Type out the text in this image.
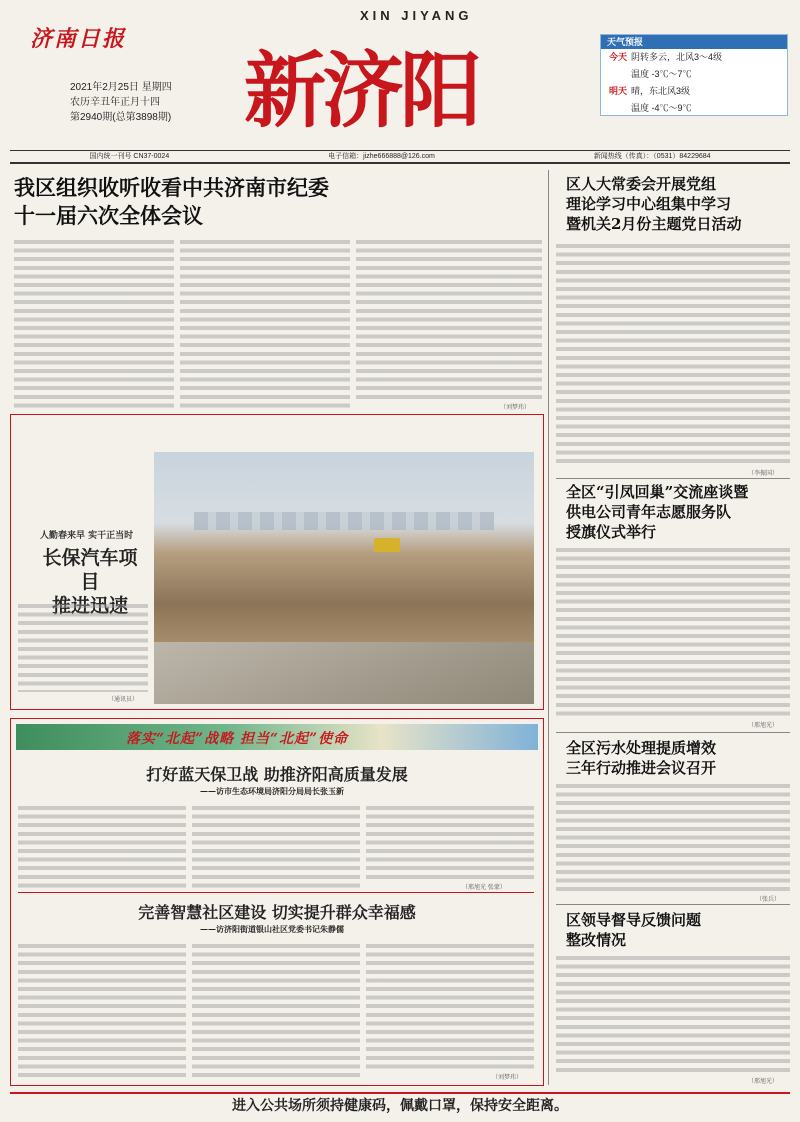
济南日报
2021年2月25日 星期四
农历辛丑年正月十四
第2940期(总第3898期)
XIN JIYANG
新济阳
天气预报
今天 阴转多云，北风3～4级
温度 -3℃～7℃
明天 晴，东北风3级
温度 -4℃～9℃
国内统一刊号 CN37-0024	电子信箱：jizhe666888@126.com	新闻热线（传真）：（0531）84229684
我区组织收听收看中共济南市纪委
十一届六次全体会议
（刘梦玮）
人勤春来早 实干正当时
长保汽车项目
推进迅速
（通讯员）
落实“北起”战略 担当“北起”使命
打好蓝天保卫战 助推济阳高质量发展
——访市生态环境局济阳分局局长张玉新
（邢旭光 张蒙）
完善智慧社区建设 切实提升群众幸福感
——访济阳街道银山社区党委书记朱静儒
（刘梦玮）
区人大常委会开展党组
理论学习中心组集中学习
暨机关2月份主题党日活动
（李振国）
全区“引凤回巢”交流座谈暨
供电公司青年志愿服务队
授旗仪式举行
（邢旭光）
全区污水处理提质增效
三年行动推进会议召开
（张兵）
区领导督导反馈问题
整改情况
（邢旭光）
进入公共场所须持健康码，佩戴口罩，保持安全距离。
